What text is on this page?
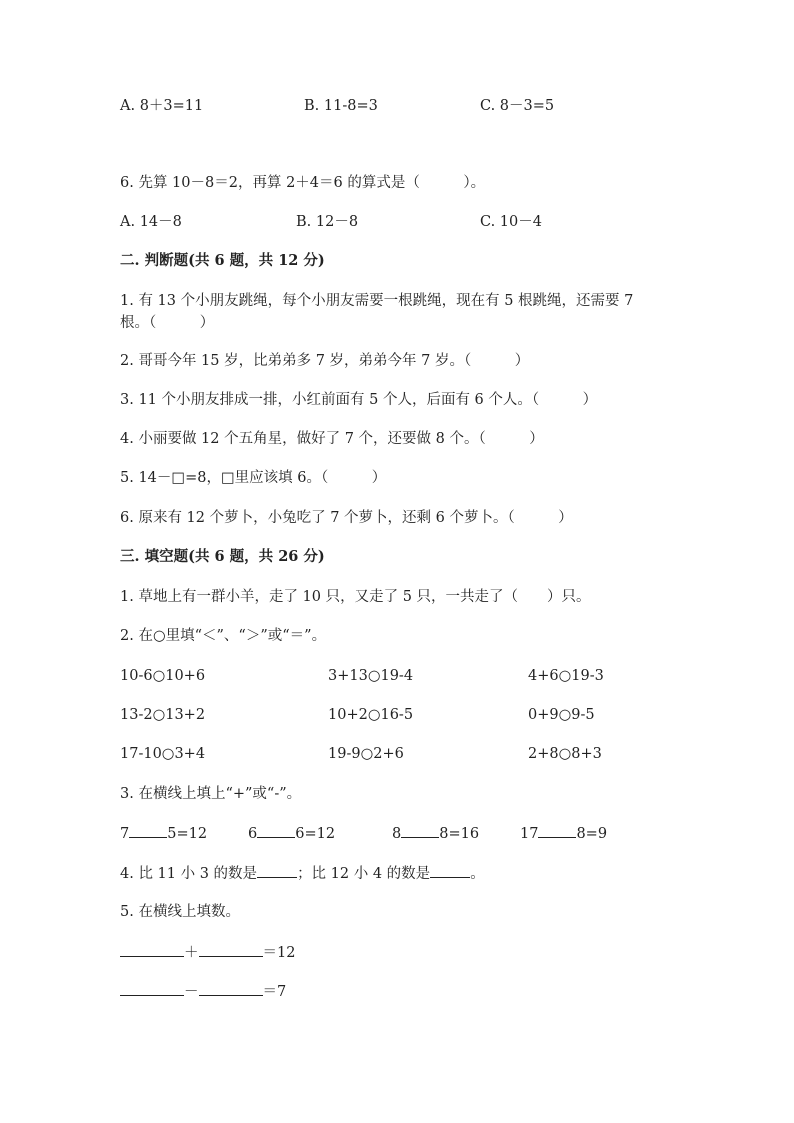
A. 8＋3=11	B. 11-8=3	C. 8－3=5
6. 先算 10－8＝2，再算 2＋4＝6 的算式是（　　　）。
A. 14－8	B. 12－8	C. 10－4
二. 判断题(共 6 题，共 12 分)
1. 有 13 个小朋友跳绳，每个小朋友需要一根跳绳，现在有 5 根跳绳，还需要 7
根。（　　　）
2. 哥哥今年 15 岁，比弟弟多 7 岁，弟弟今年 7 岁。（　　　）
3. 11 个小朋友排成一排，小红前面有 5 个人，后面有 6 个人。（　　　）
4. 小丽要做 12 个五角星，做好了 7 个，还要做 8 个。（　　　）
5. 14－□=8，□里应该填 6。（　　　）
6. 原来有 12 个萝卜，小兔吃了 7 个萝卜，还剩 6 个萝卜。（　　　）
三. 填空题(共 6 题，共 26 分)
1. 草地上有一群小羊，走了 10 只，又走了 5 只，一共走了（　　）只。
2. 在○里填“＜”、“＞”或“＝”。
10-6○10+6	3+13○19-4	4+6○19-3
13-2○13+2	10+2○16-5	0+9○9-5
17-10○3+4	19-9○2+6	2+8○8+3
3. 在横线上填上“+”或“-”。
7	5=12	6	6=12	8	8=16	17	8=9
4. 比 11 小 3 的数是	；比 12 小 4 的数是	。
5. 在横线上填数。
＋	＝12
－	＝7
